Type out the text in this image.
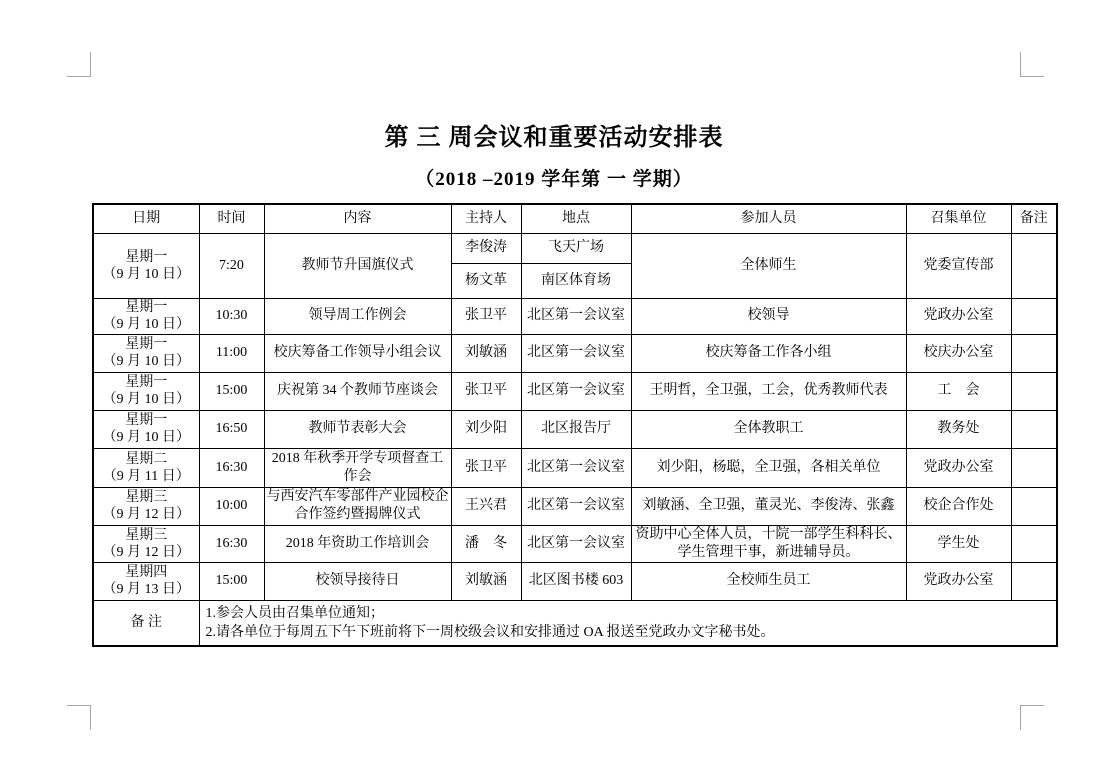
第 三 周会议和重要活动安排表
（2018 –2019 学年第 一 学期）
日期	时间	内容	主持人	地点	参加人员	召集单位	备注

星期一
（9 月 10 日）	7:20	教师节升国旗仪式	李俊涛	飞天广场	全体师生	党委宣传部	
			杨文革	南区体育场			

星期一
（9 月 10 日）	10:30	领导周工作例会	张卫平	北区第一会议室	校领导	党政办公室	

星期一
（9 月 10 日）	11:00	校庆筹备工作领导小组会议	刘敏涵	北区第一会议室	校庆筹备工作各小组	校庆办公室	

星期一
（9 月 10 日）	15:00	庆祝第 34 个教师节座谈会	张卫平	北区第一会议室	王明哲，全卫强，工会，优秀教师代表	工　会	

星期一
（9 月 10 日）	16:50	教师节表彰大会	刘少阳	北区报告厅	全体教职工	教务处	

星期二
（9 月 11 日）	16:30	2018 年秋季开学专项督查工作会	张卫平	北区第一会议室	刘少阳，杨聪，全卫强，各相关单位	党政办公室	

星期三
（9 月 12 日）	10:00	与西安汽车零部件产业园校企合作签约暨揭牌仪式	王兴君	北区第一会议室	刘敏涵、全卫强，董灵光、李俊涛、张鑫	校企合作处	

星期三
（9 月 12 日）	16:30	2018 年资助工作培训会	潘　冬	北区第一会议室	资助中心全体人员，十院一部学生科科长、学生管理干事，新进辅导员。	学生处	

星期四
（9 月 13 日）	15:00	校领导接待日	刘敏涵	北区图书楼 603	全校师生员工	党政办公室	
备 注	1.参会人员由召集单位通知；
2.请各单位于每周五下午下班前将下一周校级会议和安排通过 OA 报送至党政办文字秘书处。						
